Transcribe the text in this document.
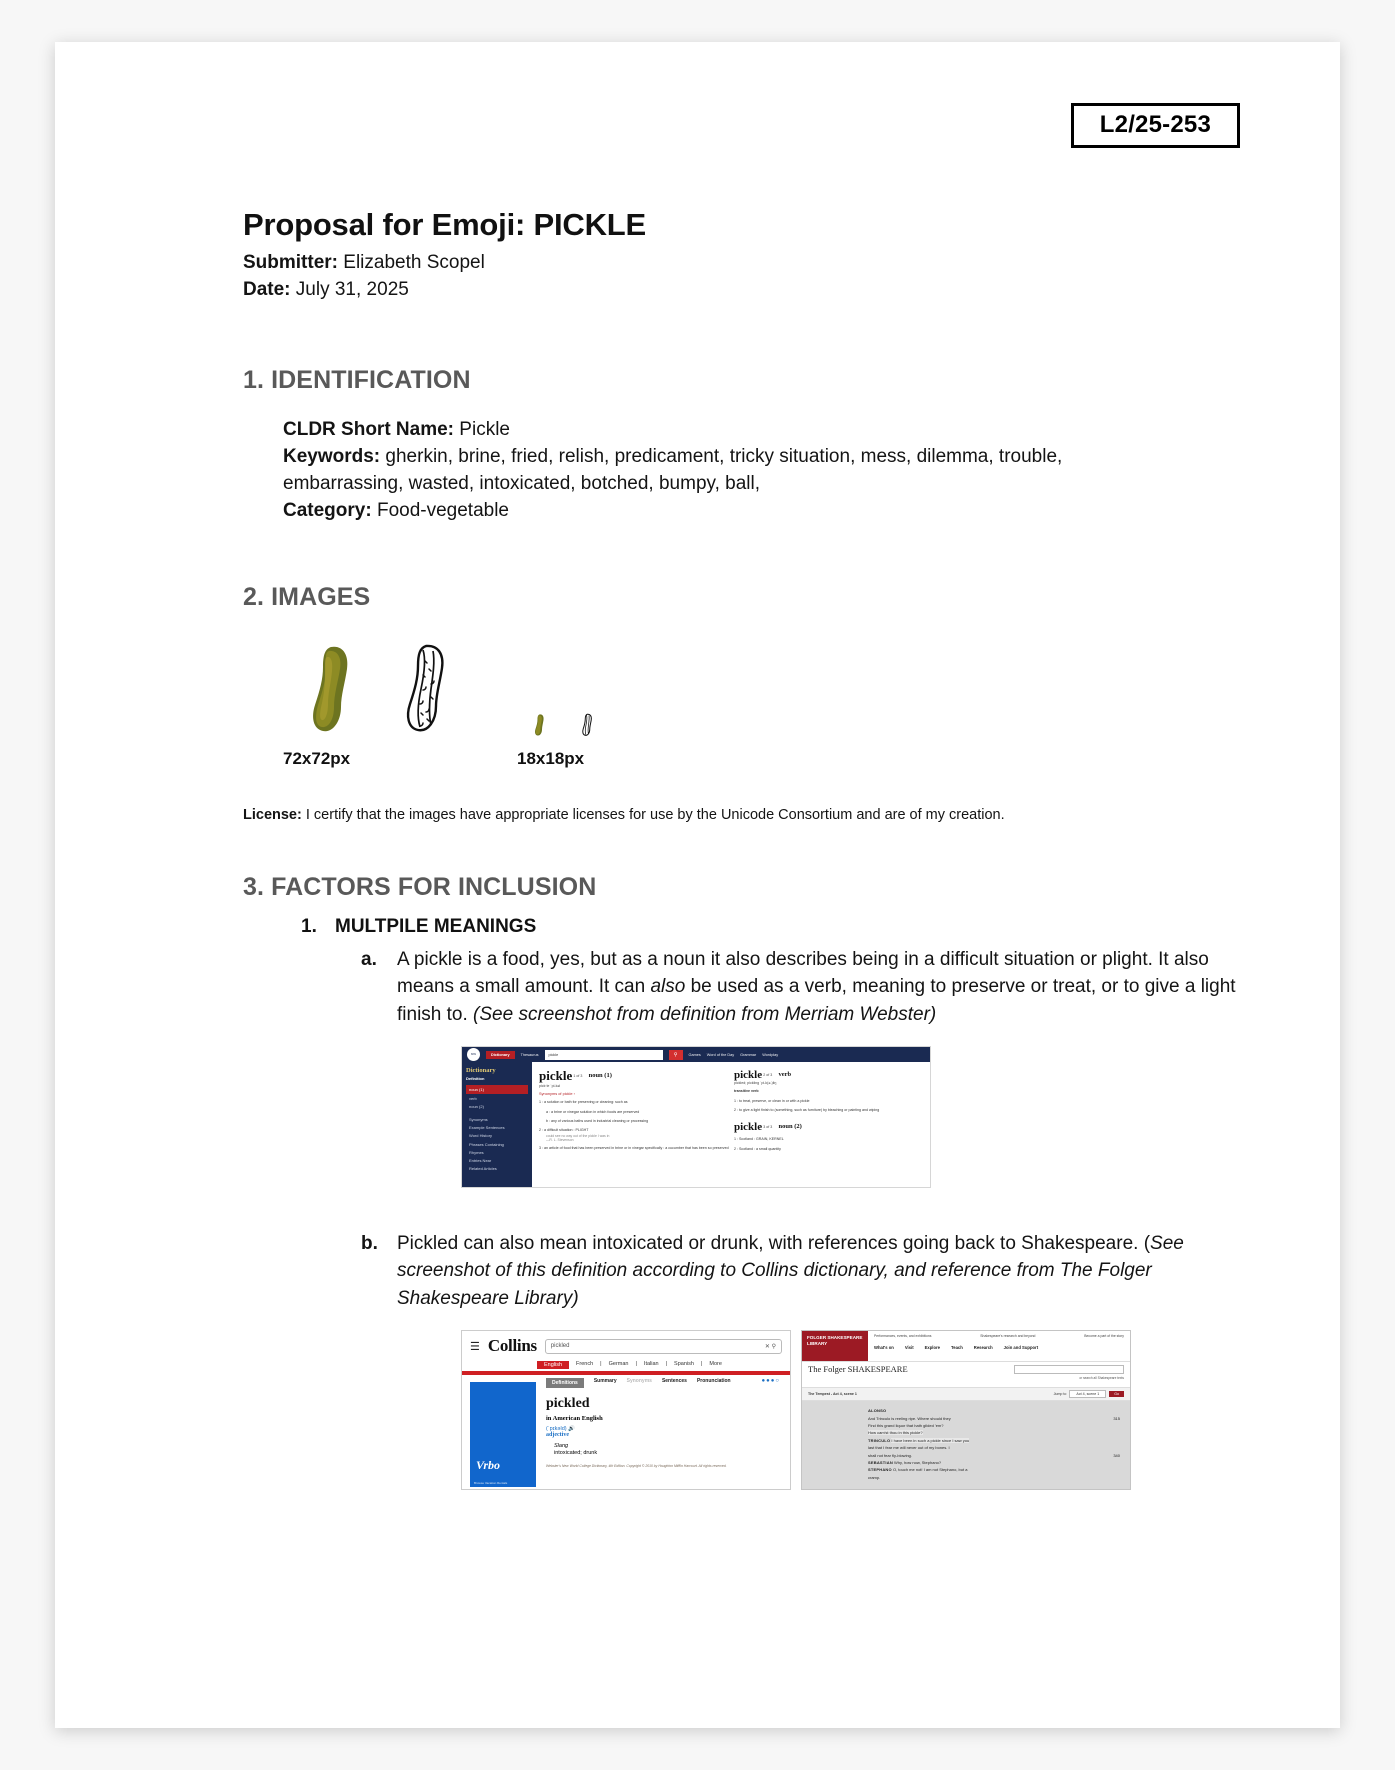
L2/25-253
Proposal for Emoji: PICKLE
Submitter: Elizabeth Scopel
Date: July 31, 2025
1. IDENTIFICATION
CLDR Short Name: Pickle
Keywords: gherkin, brine, fried, relish, predicament, tricky situation, mess, dilemma, trouble, embarrassing, wasted, intoxicated, botched, bumpy, ball,
Category: Food-vegetable
2. IMAGES
72x72px	18x18px
License: I certify that the images have appropriate licenses for use by the Unicode Consortium and are of my creation.
3. FACTORS FOR INCLUSION
1. MULTPILE MEANINGS
a.	A pickle is a food, yes, but as a noun it also describes being in a difficult situation or plight. It also means a small amount. It can also be used as a verb, meaning to preserve or treat, or to give a light finish to. (See screenshot from definition from Merriam Webster)
MW	Dictionary	Thesaurus	pickle	⚲	Games Word of the Day Grammar Wordplay
Dictionary
Definition
noun (1)
verb
noun (2)
Synonyms
Example Sentences
Word History
Phrases Containing
Rhymes
Entries Near
Related Articles
pickle 1 of 3 noun (1)
pick·le ˈpi-kəl
Synonyms of pickle ›
1 : a solution or bath for preserving or cleaning: such as
a : a brine or vinegar solution in which foods are preserved
b : any of various baths used in industrial cleaning or processing
2 : a difficult situation : PLIGHT
could see no way out of the pickle I was in
—R. L. Stevenson
3 : an article of food that has been preserved in brine or in vinegar specifically : a cucumber that has been so preserved
pickle 2 of 3 verb
pickled; pickling ˈpi-k(ə-)liŋ
transitive verb
1 : to treat, preserve, or clean in or with a pickle
2 : to give a light finish to (something, such as furniture) by bleaching or painting and wiping
pickle 3 of 3 noun (2)
1 : Scotland : GRAIN, KERNEL
2 : Scotland : a small quantity
b. Pickled can also mean intoxicated or drunk, with references going back to Shakespeare. (See screenshot of this definition according to Collins dictionary, and reference from The Folger Shakespeare Library)
☰ Collins pickled	✕ ⚲
English	French | German | Italian | Spanish | More
Vrbo
Browse Vacation Rentals
Definitions	Summary Synonyms Sentences Pronunciation
pickled
in American English
(ˈpɪkəld) 🔊
adjective
Slang
intoxicated; drunk
Webster's New World College Dictionary, 4th Edition. Copyright © 2010 by Houghton Mifflin Harcourt. All rights reserved.
●●●○
FOLGER SHAKESPEARE LIBRARY
Performances, events, and exhibitions	Shakespeare's research and beyond	Become a part of the story
What's on	Visit	Explore	Teach	Research	Join and Support
The Folger SHAKESPEARE
or search all Shakespeare texts
The Tempest - Act 4, scene 1	Jump to	Act 4, scene 1	Go
ALONSO
And Trinculo is reeling ripe. Where should they	315
Find this grand liquor that hath gilded 'em?
How cam'st thou in this pickle?
TRINCULO I have been in such a pickle since I saw you
last that I fear me will never out of my bones. I
shall not fear fly-blowing.	340
SEBASTIAN Why, how now, Stephano?
STEPHANO O, touch me not! I am not Stephano, but a
cramp.
